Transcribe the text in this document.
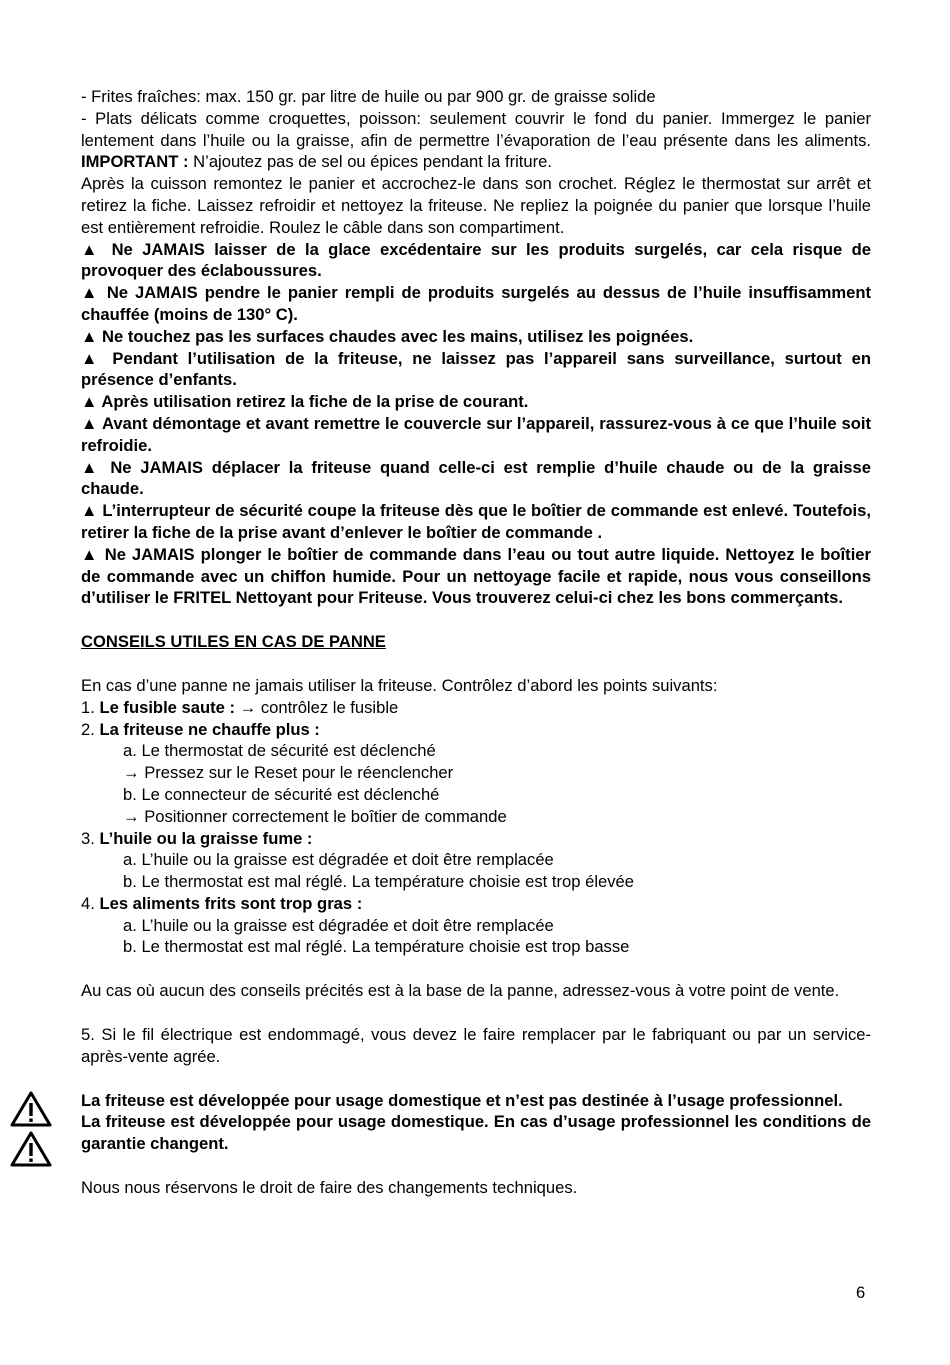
- Frites fraîches: max. 150 gr. par litre de huile ou par 900 gr. de graisse solide

- Plats délicats comme croquettes, poisson: seulement couvrir le fond du panier. Immergez le panier lentement dans l’huile ou la graisse, afin de permettre l’évaporation de l’eau présente dans les aliments. IMPORTANT : N’ajoutez pas de sel ou épices pendant la friture.

Après la cuisson remontez le panier et accrochez-le dans son crochet. Réglez le thermostat sur arrêt et retirez la fiche. Laissez refroidir et nettoyez la friteuse. Ne repliez la poignée du panier que lorsque l’huile est entièrement refroidie. Roulez le câble dans son compartiment.

▲ Ne JAMAIS laisser de la glace excédentaire sur les produits surgelés, car cela risque de provoquer des éclaboussures.

▲ Ne JAMAIS pendre le panier rempli de produits surgelés au dessus de l’huile insuffisamment chauffée (moins de 130° C).

▲ Ne touchez pas les surfaces chaudes avec les mains, utilisez les poignées.

▲ Pendant l’utilisation de la friteuse, ne laissez pas l’appareil sans surveillance, surtout en présence d’enfants.

▲ Après utilisation retirez la fiche de la prise de courant.

▲ Avant démontage et avant remettre le couvercle sur l’appareil, rassurez-vous à ce que l’huile soit refroidie.

▲ Ne JAMAIS déplacer la friteuse quand celle-ci est remplie d’huile chaude ou de la graisse chaude.

▲ L’interrupteur de sécurité coupe la friteuse dès que le boîtier de commande est enlevé. Toutefois, retirer la fiche de la prise avant d’enlever le boîtier de commande .

▲ Ne JAMAIS plonger le boîtier de commande dans l’eau ou tout autre liquide. Nettoyez le boîtier de commande avec un chiffon humide. Pour un nettoyage facile et rapide, nous vous conseillons d’utiliser le FRITEL Nettoyant pour Friteuse. Vous trouverez celui-ci chez les bons commerçants.

CONSEILS UTILES EN CAS DE PANNE

En cas d’une panne ne jamais utiliser la friteuse. Contrôlez d’abord les points suivants:

1. Le fusible saute : → contrôlez le fusible

2. La friteuse ne chauffe plus :

a. Le thermostat de sécurité est déclenché

→ Pressez sur le Reset pour le réenclencher

b. Le connecteur de sécurité est déclenché

→ Positionner correctement le boîtier de commande

3. L’huile ou la graisse fume :

a. L’huile ou la graisse est dégradée et doit être remplacée

b. Le thermostat est mal réglé. La température choisie est trop élevée

4. Les aliments frits sont trop gras :

a. L’huile ou la graisse est dégradée et doit être remplacée

b. Le thermostat est mal réglé. La température choisie est trop basse

Au cas où aucun des conseils précités est à la base de la panne, adressez-vous à votre point de vente.

5. Si le fil électrique est endommagé, vous devez le faire remplacer par le fabriquant ou par un service-après-vente agrée.

La friteuse est développée pour usage domestique et n’est pas destinée à l’usage professionnel.

La friteuse est développée pour usage domestique. En cas d’usage professionnel les conditions de garantie changent.

Nous nous réservons le droit de faire des changements techniques.

6
